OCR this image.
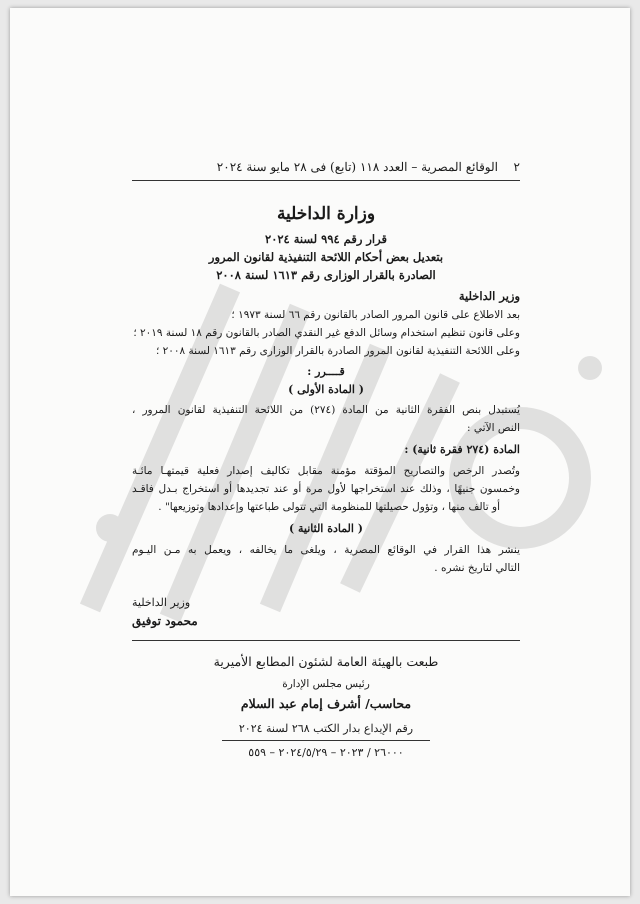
٢
الوقائع المصرية – العدد ١١٨ (تابع) فى ٢٨ مايو سنة ٢٠٢٤
وزارة الداخلية
قرار رقم ٩٩٤ لسنة ٢٠٢٤
بتعديل بعض أحكام اللائحة التنفيذية لقانون المرور
الصادرة بالقرار الوزارى رقم ١٦١٣ لسنة ٢٠٠٨
وزير الداخلية
بعد الاطلاع على قانون المرور الصادر بالقانون رقم ٦٦ لسنة ١٩٧٣ ؛
وعلى قانون تنظيم استخدام وسائل الدفع غير النقدي الصادر بالقانون رقم ١٨ لسنة ٢٠١٩ ؛
وعلى اللائحة التنفيذية لقانون المرور الصادرة بالقرار الوزارى رقم ١٦١٣ لسنة ٢٠٠٨ ؛
قــــرر :
( المادة الأولى )
يُستبدل بنص الفقرة الثانية من المادة (٢٧٤) من اللائحة التنفيذية لقانون المرور ،
النص الآتي :
المادة (٢٧٤ فقرة ثانية) :
وتُصدر الرخص والتصاريح المؤقتة مؤمنة مقابل تكاليف إصدار فعلية قيمتهـا مائـة
وخمسون جنيهًا ، وذلك عند استخراجها لأول مرة أو عند تجديدها أو استخراج بـدل فاقـد
أو تالف منها ، وتؤول حصيلتها للمنظومة التي تتولى طباعتها وإعدادها وتوزيعها" .
( المادة الثانية )
ينشر هذا القرار في الوقائع المصرية ، ويلغى ما يخالفه ، ويعمل به مـن اليـوم
التالي لتاريخ نشره .
وزير الداخلية
محمود توفيق
طبعت بالهيئة العامة لشئون المطابع الأميرية
رئيس مجلس الإدارة
محاسب/ أشرف إمام عبد السلام
رقم الإيداع بدار الكتب ٢٦٨ لسنة ٢٠٢٤
٢٦٠٠٠ / ٢٠٢٣ – ٢٠٢٤/٥/٢٩ – ٥٥٩
